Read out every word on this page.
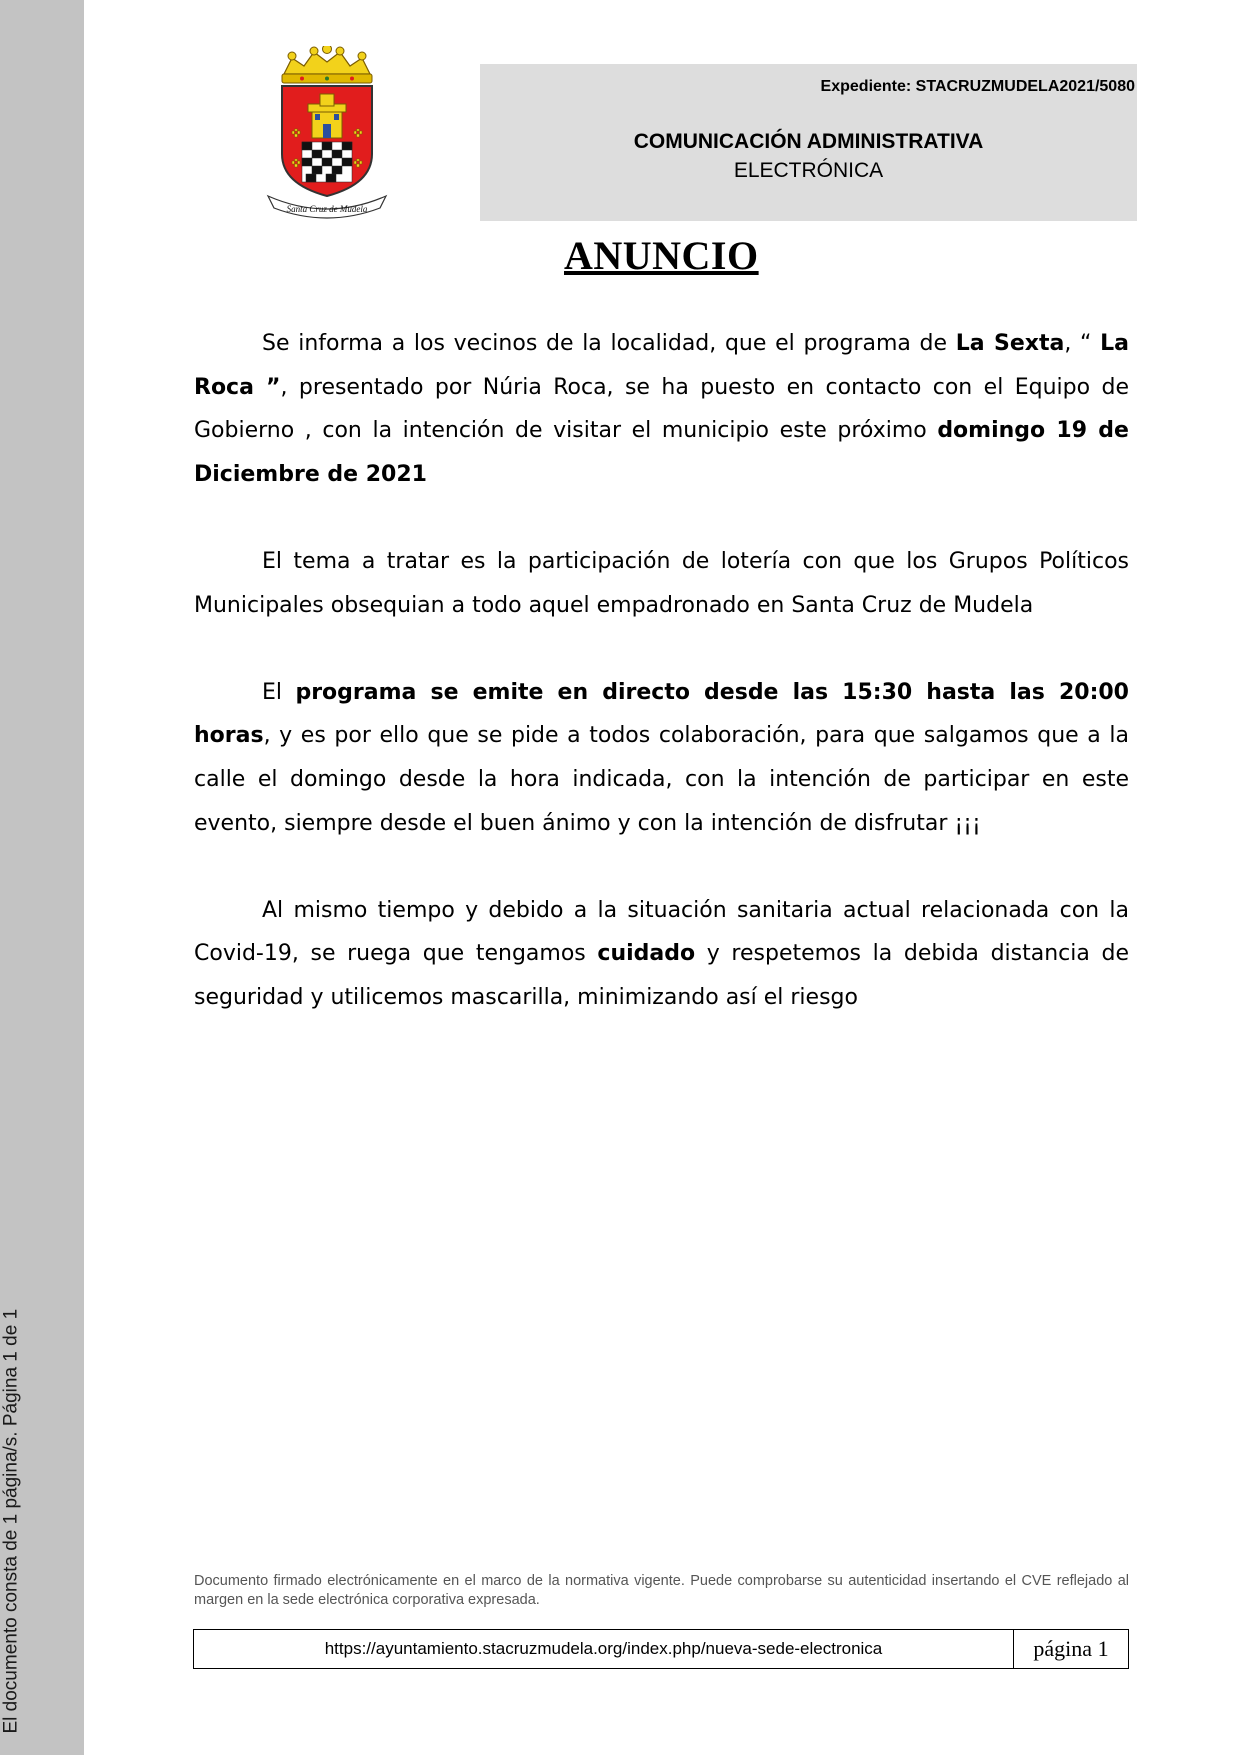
El documento consta de 1 página/s. Página 1 de 1
Santa Cruz de Mudela
Expediente: STACRUZMUDELA2021/5080
COMUNICACIÓN ADMINISTRATIVA
ELECTRÓNICA
ANUNCIO

Se informa a los vecinos de la localidad, que el programa de La Sexta, “ La Roca ”, presentado por Núria Roca, se ha puesto en contacto con el Equipo de Gobierno , con la intención de visitar el municipio este próximo domingo 19 de Diciembre de 2021

El tema a tratar es la participación de lotería con que los Grupos Políticos Municipales obsequian a todo aquel empadronado en Santa Cruz de Mudela

El programa se emite en directo desde las 15:30 hasta las 20:00 horas, y es por ello que se pide a todos colaboración, para que salgamos que a la calle el domingo desde la hora indicada, con la intención de participar en este evento, siempre desde el buen ánimo y con la intención de disfrutar ¡¡¡

Al mismo tiempo y debido a la situación sanitaria actual relacionada con la Covid-19, se ruega que tengamos cuidado y respetemos la debida distancia de seguridad y utilicemos mascarilla, minimizando así el riesgo

Documento firmado electrónicamente en el marco de la normativa vigente. Puede comprobarse su autenticidad insertando el CVE reflejado al margen en la sede electrónica corporativa expresada.
https://ayuntamiento.stacruzmudela.org/index.php/nueva-sede-electronica	página 1
